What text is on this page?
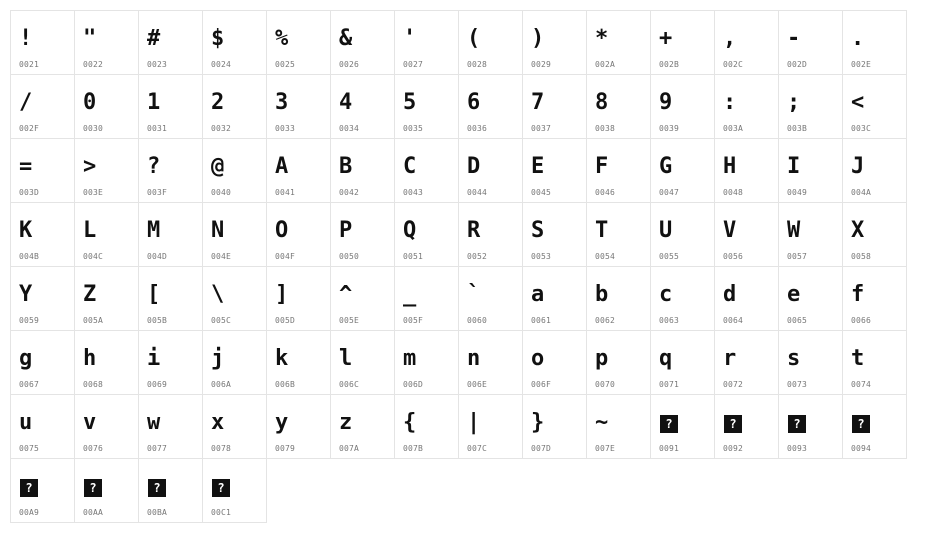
!
0021
"
0022
#
0023
$
0024
%
0025
&
0026
'
0027
(
0028
)
0029
*
002A
+
002B
,
002C
-
002D
.
002E
/
002F
0
0030
1
0031
2
0032
3
0033
4
0034
5
0035
6
0036
7
0037
8
0038
9
0039
:
003A
;
003B
<
003C
=
003D
>
003E
?
003F
@
0040
A
0041
B
0042
C
0043
D
0044
E
0045
F
0046
G
0047
H
0048
I
0049
J
004A
K
004B
L
004C
M
004D
N
004E
O
004F
P
0050
Q
0051
R
0052
S
0053
T
0054
U
0055
V
0056
W
0057
X
0058
Y
0059
Z
005A
[
005B
\
005C
]
005D
^
005E
_
005F
`
0060
a
0061
b
0062
c
0063
d
0064
e
0065
f
0066
g
0067
h
0068
i
0069
j
006A
k
006B
l
006C
m
006D
n
006E
o
006F
p
0070
q
0071
r
0072
s
0073
t
0074
u
0075
v
0076
w
0077
x
0078
y
0079
z
007A
{
007B
|
007C
}
007D
~
007E
?
0091
?
0092
?
0093
?
0094
?
00A9
?
00AA
?
00BA
?
00C1
